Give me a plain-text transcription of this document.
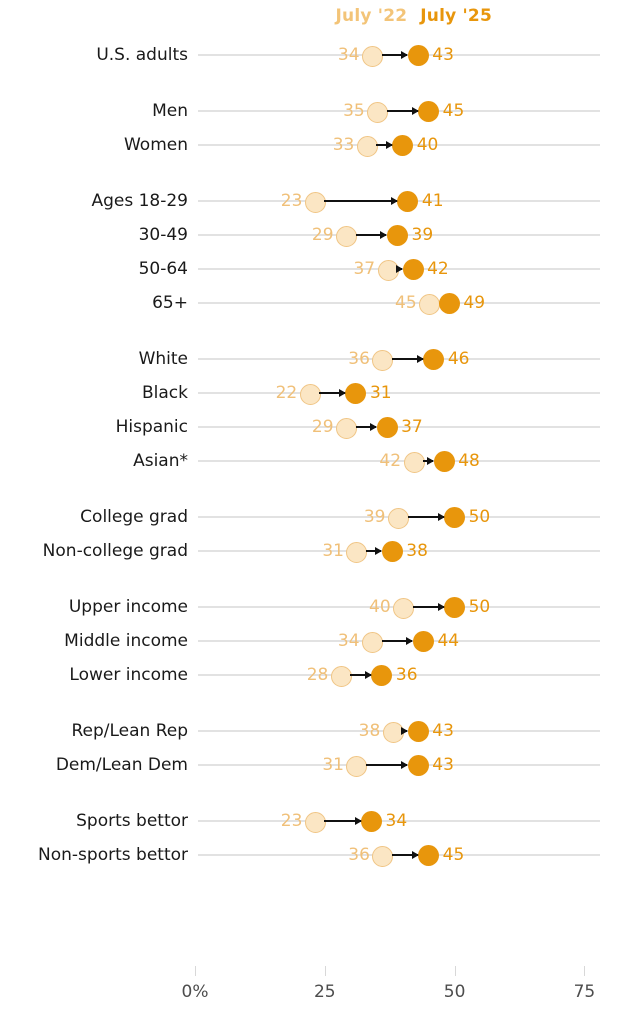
July '22 July '25
U.S. adults	34	43
Men	35	45
Women	33	40
Ages 18-29	23	41
30-49	29	39
50-64	37	42
65+	45	49
White	36	46
Black	22	31
Hispanic	29	37
Asian*	42	48
College grad	39	50
Non-college grad	31	38
Upper income	40	50
Middle income	34	44
Lower income	28	36
Rep/Lean Rep	38	43
Dem/Lean Dem	31	43
Sports bettor	23	34
Non-sports bettor	36	45
0%	25	50	75
